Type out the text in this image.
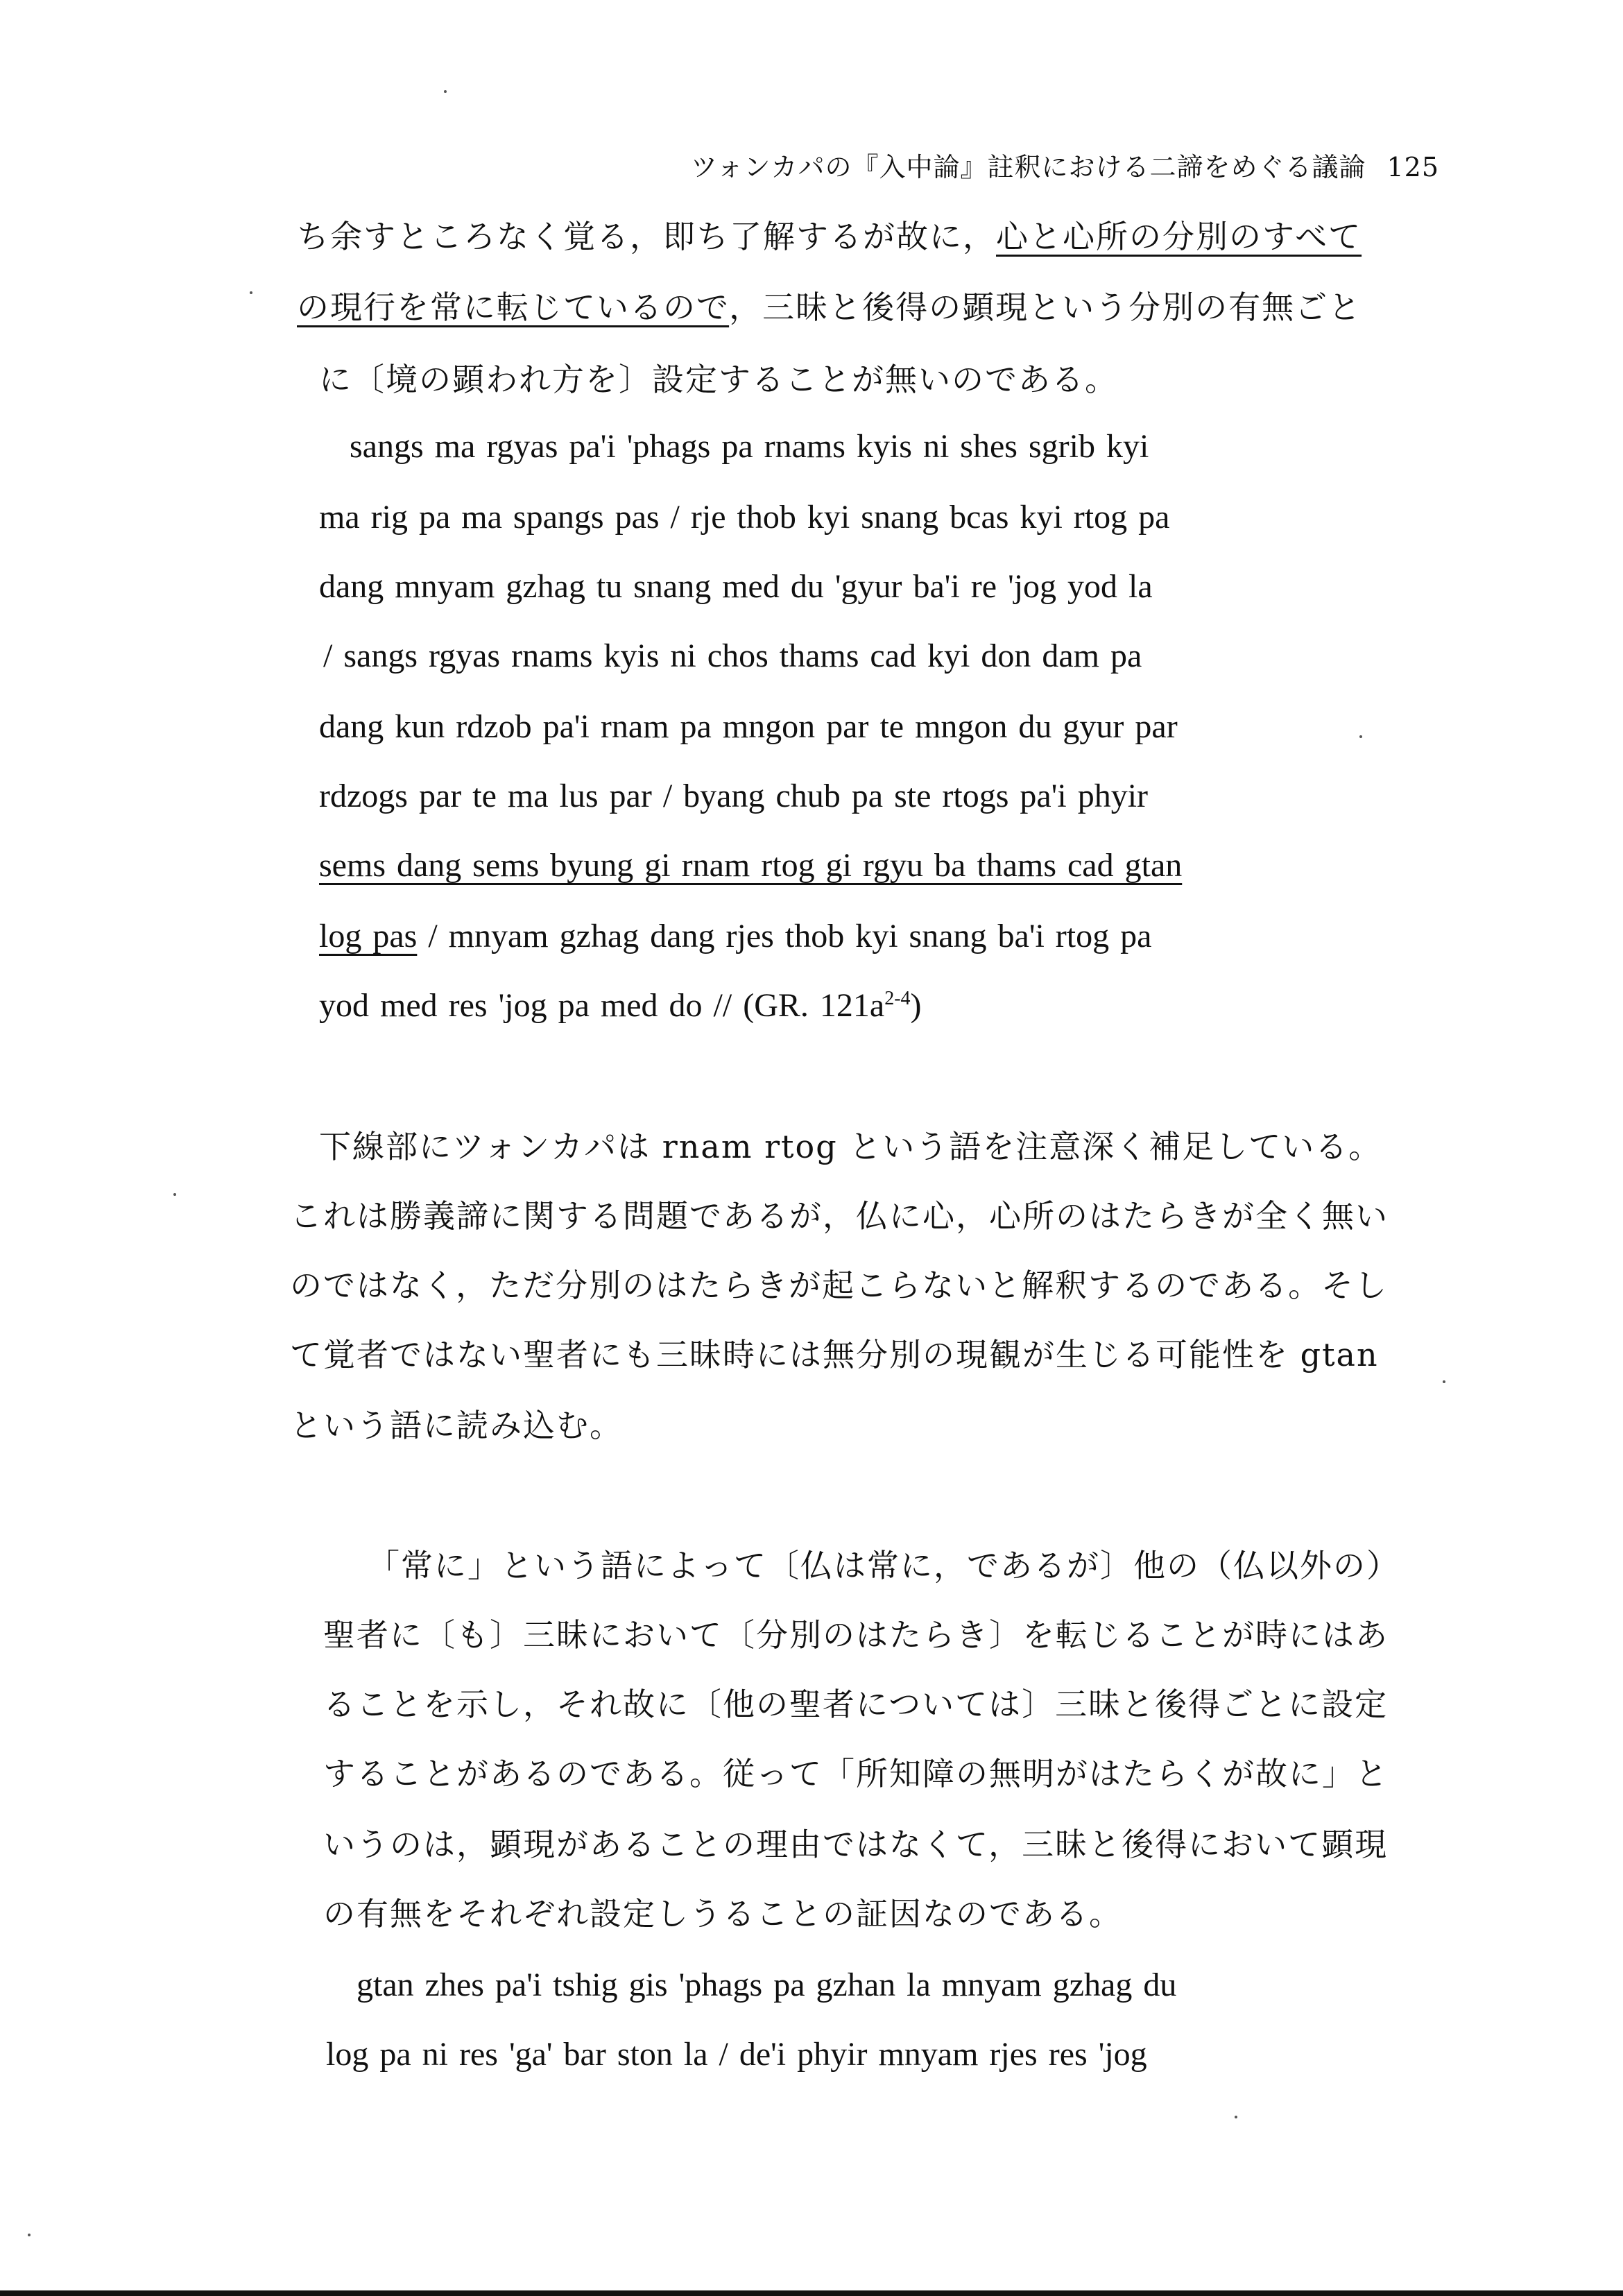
ツォンカパの『入中論』註釈における二諦をめぐる議論 125
ち余すところなく覚る，即ち了解するが故に，心と心所の分別のすべて
の現行を常に転じているので，三昧と後得の顕現という分別の有無ごと
に〔境の顕われ方を〕設定することが無いのである。
sangs ma rgyas pa'i 'phags pa rnams kyis ni shes sgrib kyi
ma rig pa ma spangs pas / rje thob kyi snang bcas kyi rtog pa
dang mnyam gzhag tu snang med du 'gyur ba'i re 'jog yod la
/ sangs rgyas rnams kyis ni chos thams cad kyi don dam pa
dang kun rdzob pa'i rnam pa mngon par te mngon du gyur par
rdzogs par te ma lus par / byang chub pa ste rtogs pa'i phyir
sems dang sems byung gi rnam rtog gi rgyu ba thams cad gtan
log pas / mnyam gzhag dang rjes thob kyi snang ba'i rtog pa
yod med res 'jog pa med do // (GR. $121a^{2-4}$)
下線部にツォンカパは rnam rtog という語を注意深く補足している。
これは勝義諦に関する問題であるが，仏に心，心所のはたらきが全く無い
のではなく，ただ分別のはたらきが起こらないと解釈するのである。そし
て覚者ではない聖者にも三昧時には無分別の現観が生じる可能性を gtan
という語に読み込む。
「常に」という語によって〔仏は常に，であるが〕他の（仏以外の）
聖者に〔も〕三昧において〔分別のはたらき〕を転じることが時にはあ
ることを示し，それ故に〔他の聖者については〕三昧と後得ごとに設定
することがあるのである。従って「所知障の無明がはたらくが故に」と
いうのは，顕現があることの理由ではなくて，三昧と後得において顕現
の有無をそれぞれ設定しうることの証因なのである。
gtan zhes pa'i tshig gis 'phags pa gzhan la mnyam gzhag du
log pa ni res 'ga' bar ston la / de'i phyir mnyam rjes res 'jog
